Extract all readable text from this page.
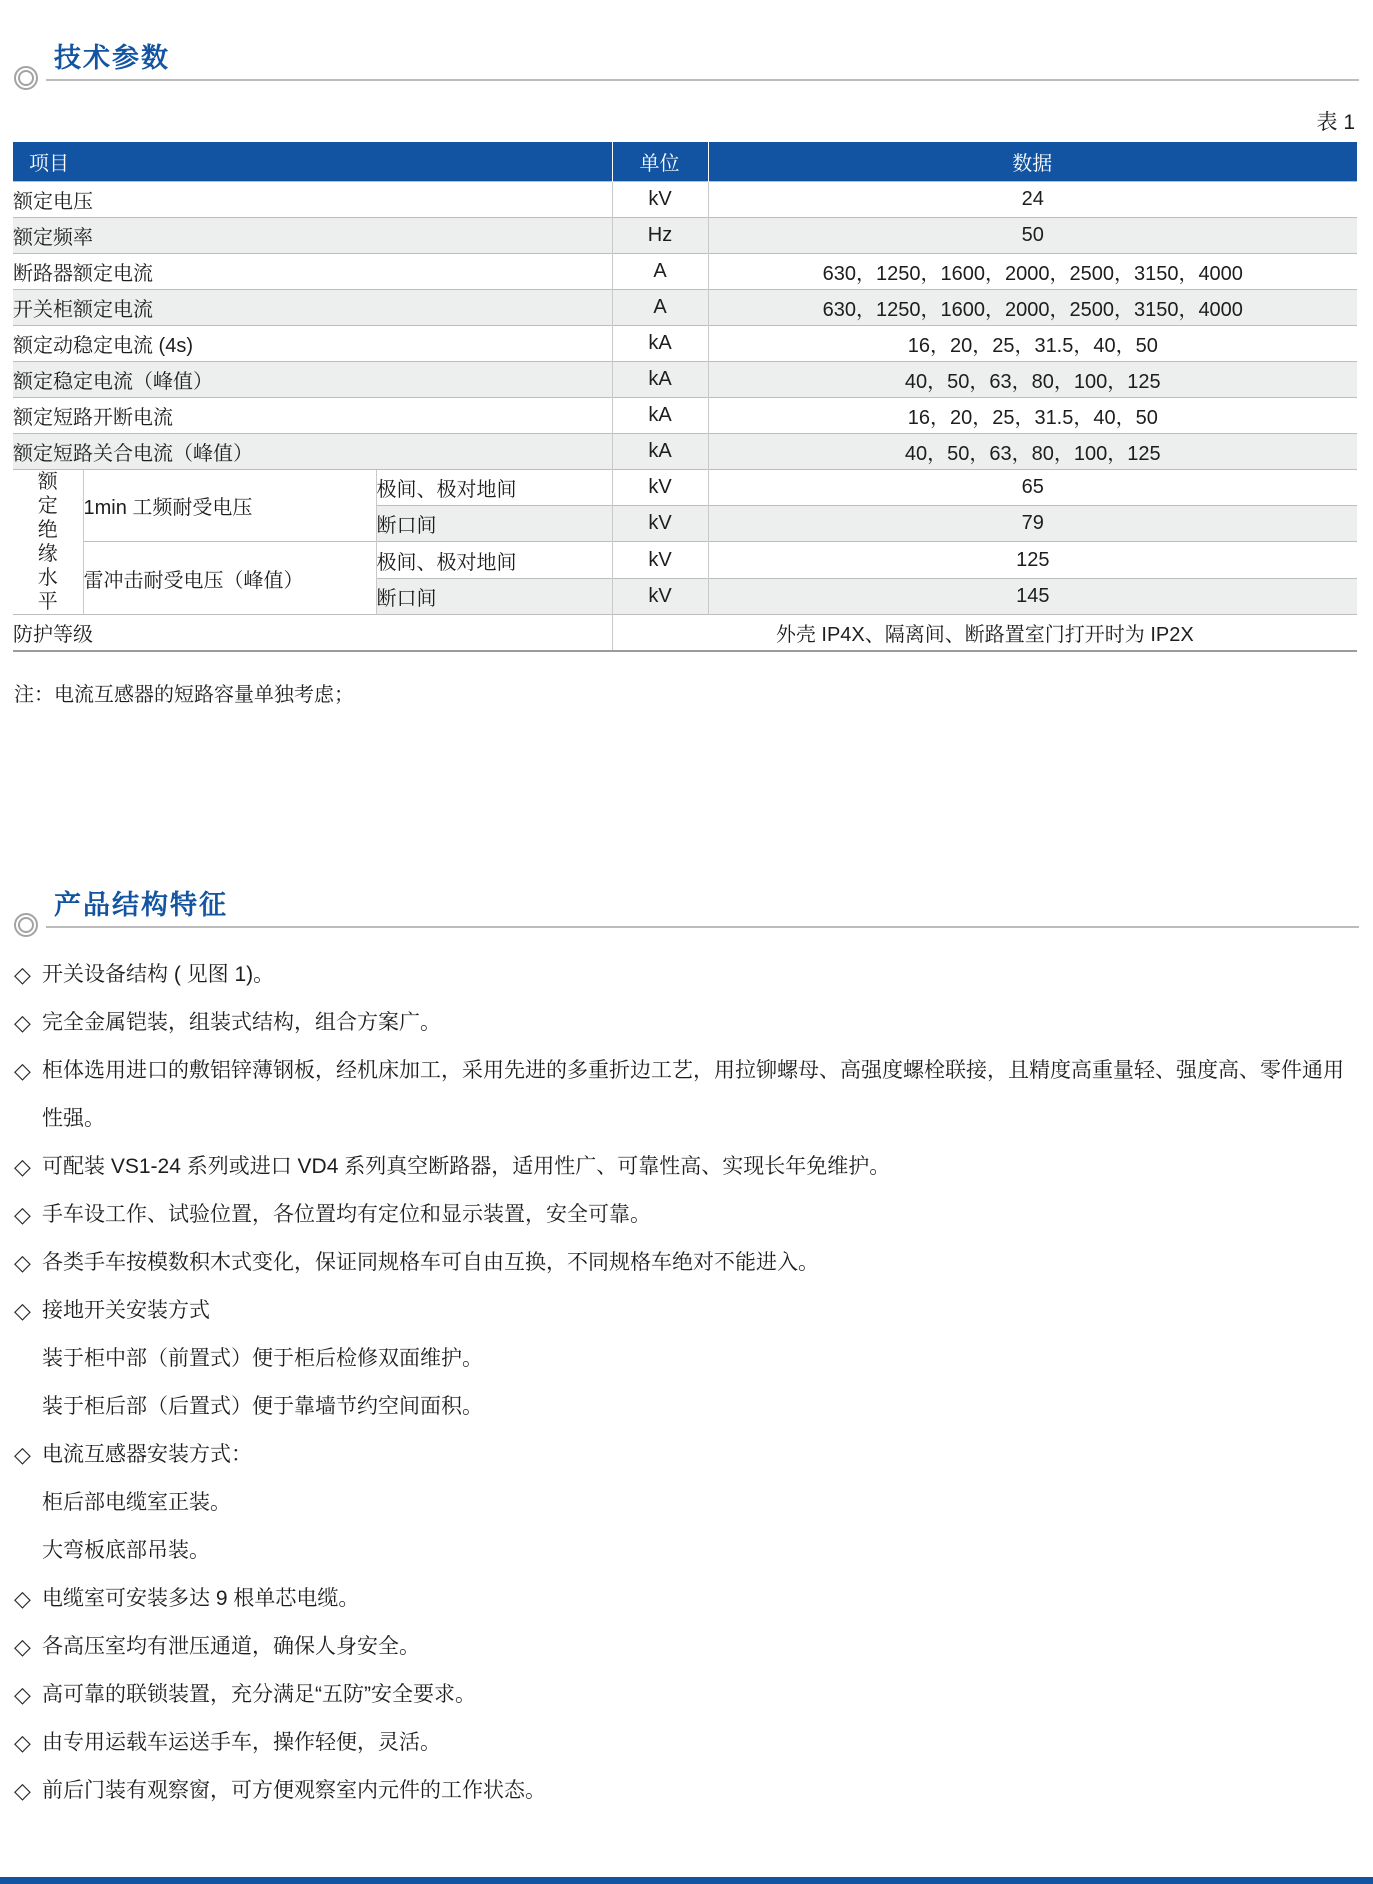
技术参数
表 1
项目			单位	数据
额定电压			kV	24
额定频率			Hz	50
断路器额定电流			A	630，1250，1600，2000，2500，3150，4000
开关柜额定电流			A	630，1250，1600，2000，2500，3150，4000
额定动稳定电流 (4s)			kA	16，20，25，31.5，40，50
额定稳定电流（峰值）			kA	40，50，63，80，100，125
额定短路开断电流			kA	16，20，25，31.5，40，50
额定短路关合电流（峰值）			kA	40，50，63，80，100，125

额定绝缘水平	1min 工频耐受电压	极间、极对地间	kV	65
		断口间	kV	79
	雷冲击耐受电压（峰值）	极间、极对地间	kV	125
		断口间	kV	145
防护等级			外壳 IP4X、隔离间、断路置室门打开时为 IP2X	
注：电流互感器的短路容量单独考虑；
产品结构特征
◇ 开关设备结构 ( 见图 1)。
◇ 完全金属铠装，组装式结构，组合方案广。
◇ 柜体选用进口的敷铝锌薄钢板，经机床加工，采用先进的多重折边工艺，用拉铆螺母、高强度螺栓联接，且精度高重量轻、强度高、零件通用性强。
◇ 可配装 VS1-24 系列或进口 VD4 系列真空断路器，适用性广、可靠性高、实现长年免维护。
◇ 手车设工作、试验位置，各位置均有定位和显示装置，安全可靠。
◇ 各类手车按模数积木式变化，保证同规格车可自由互换，不同规格车绝对不能进入。
◇ 接地开关安装方式
装于柜中部（前置式）便于柜后检修双面维护。
装于柜后部（后置式）便于靠墙节约空间面积。
◇ 电流互感器安装方式：
柜后部电缆室正装。
大弯板底部吊装。
◇ 电缆室可安装多达 9 根单芯电缆。
◇ 各高压室均有泄压通道，确保人身安全。
◇ 高可靠的联锁装置，充分满足“五防”安全要求。
◇ 由专用运载车运送手车，操作轻便，灵活。
◇ 前后门装有观察窗，可方便观察室内元件的工作状态。
